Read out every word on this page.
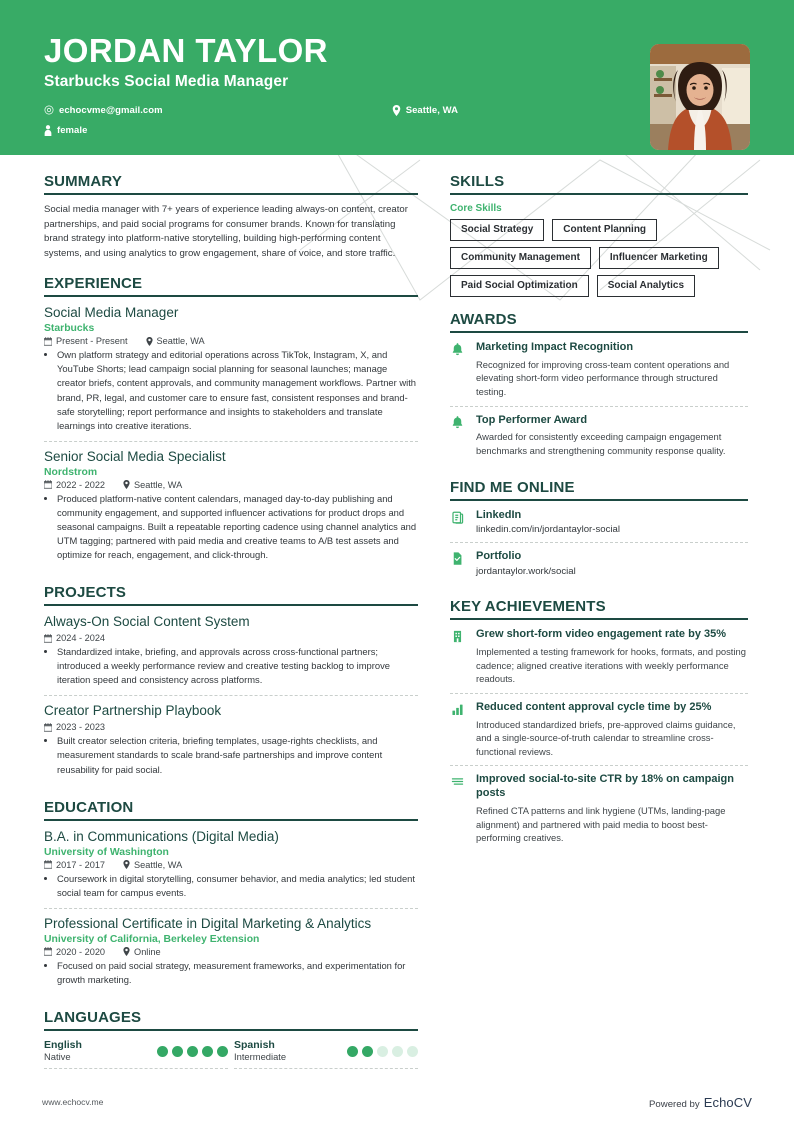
JORDAN TAYLOR
Starbucks Social Media Manager
echocvme@gmail.com	Seattle, WA
female
SUMMARY
Social media manager with 7+ years of experience leading always-on content, creator partnerships, and paid social programs for consumer brands. Known for translating brand strategy into platform-native storytelling, building high-performing content systems, and using analytics to grow engagement, share of voice, and store traffic.
EXPERIENCE
Social Media Manager
Starbucks
Present - Present	Seattle, WA
• Own platform strategy and editorial operations across TikTok, Instagram, X, and YouTube Shorts; lead campaign social planning for seasonal launches; manage creator briefs, content approvals, and community management workflows. Partner with brand, PR, legal, and customer care to ensure fast, consistent responses and brand-safe storytelling; report performance and insights to stakeholders and translate learnings into creative iterations.
Senior Social Media Specialist
Nordstrom
2022 - 2022	Seattle, WA
• Produced platform-native content calendars, managed day-to-day publishing and community engagement, and supported influencer activations for product drops and seasonal campaigns. Built a repeatable reporting cadence using channel analytics and UTM tagging; partnered with paid media and creative teams to A/B test assets and optimize for reach, engagement, and click-through.
PROJECTS
Always-On Social Content System
2024 - 2024
• Standardized intake, briefing, and approvals across cross-functional partners; introduced a weekly performance review and creative testing backlog to improve iteration speed and consistency across platforms.
Creator Partnership Playbook
2023 - 2023
• Built creator selection criteria, briefing templates, usage-rights checklists, and measurement standards to scale brand-safe partnerships and improve content reusability for paid social.
EDUCATION
B.A. in Communications (Digital Media)
University of Washington
2017 - 2017	Seattle, WA
• Coursework in digital storytelling, consumer behavior, and media analytics; led student social team for campus events.
Professional Certificate in Digital Marketing & Analytics
University of California, Berkeley Extension
2020 - 2020	Online
• Focused on paid social strategy, measurement frameworks, and experimentation for growth marketing.
LANGUAGES
English
Native
Spanish
Intermediate
SKILLS
Core Skills
Social Strategy	Content Planning
Community Management	Influencer Marketing
Paid Social Optimization	Social Analytics
AWARDS
Marketing Impact Recognition
Recognized for improving cross-team content operations and elevating short-form video performance through structured testing.
Top Performer Award
Awarded for consistently exceeding campaign engagement benchmarks and strengthening community response quality.
FIND ME ONLINE
LinkedIn
linkedin.com/in/jordantaylor-social
Portfolio
jordantaylor.work/social
KEY ACHIEVEMENTS
Grew short-form video engagement rate by 35%
Implemented a testing framework for hooks, formats, and posting cadence; aligned creative iterations with weekly performance readouts.
Reduced content approval cycle time by 25%
Introduced standardized briefs, pre-approved claims guidance, and a single-source-of-truth calendar to streamline cross-functional reviews.
Improved social-to-site CTR by 18% on campaign posts
Refined CTA patterns and link hygiene (UTMs, landing-page alignment) and partnered with paid media to boost best-performing creatives.
www.echocv.me	Powered by EchoCV
